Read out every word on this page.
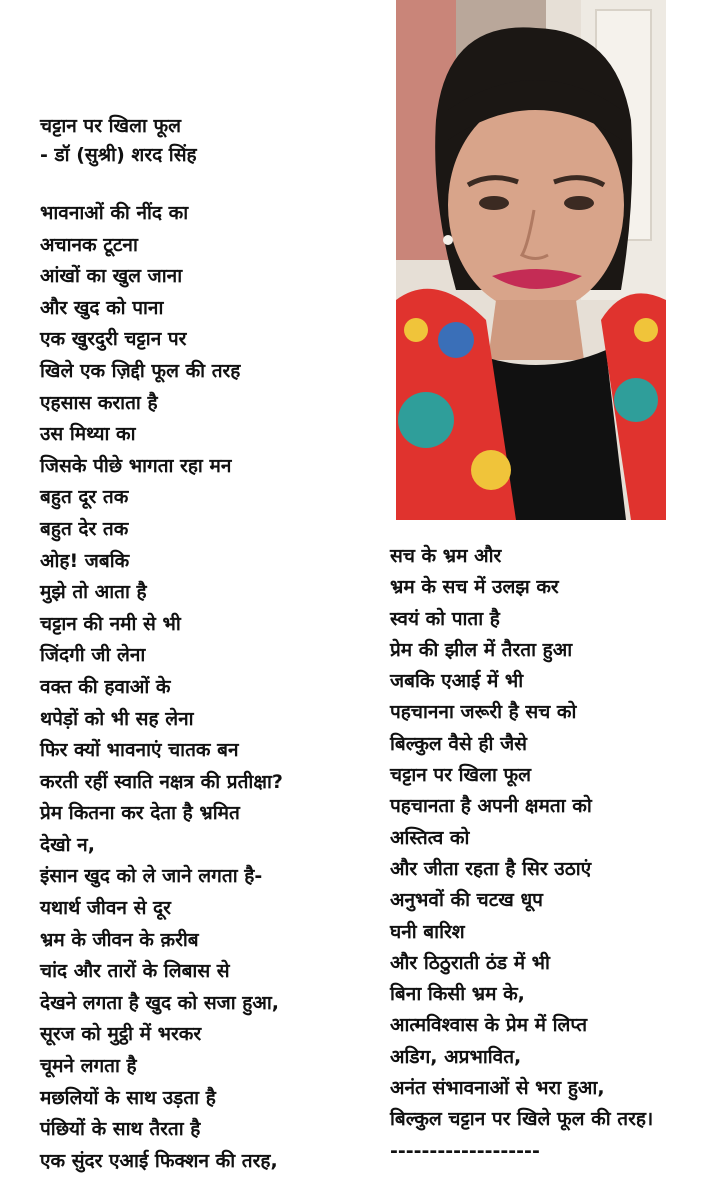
चट्टान पर खिला फूल
- डॉ (सुश्री) शरद सिंह
भावनाओं की नींद का
अचानक टूटना
आंखों का खुल जाना
और खुद को पाना
एक खुरदुरी चट्टान पर
खिले एक ज़िद्दी फूल की तरह
एहसास कराता है
उस मिथ्या का
जिसके पीछे भागता रहा मन
बहुत दूर तक
बहुत देर तक
ओह! जबकि
मुझे तो आता है
चट्टान की नमी से भी
जिंदगी जी लेना
वक्त की हवाओं के
थपेड़ों को भी सह लेना
फिर क्यों भावनाएं चातक बन
करती रहीं स्वाति नक्षत्र की प्रतीक्षा?
प्रेम कितना कर देता है भ्रमित
देखो न,
इंसान खुद को ले जाने लगता है-
यथार्थ जीवन से दूर
भ्रम के जीवन के क़रीब
चांद और तारों के लिबास से
देखने लगता है खुद को सजा हुआ,
सूरज को मुट्ठी में भरकर
चूमने लगता है
मछलियों के साथ उड़ता है
पंछियों के साथ तैरता है
एक सुंदर एआई फिक्शन की तरह,
सच के भ्रम और
भ्रम के सच में उलझ कर
स्वयं को पाता है
प्रेम की झील में तैरता हुआ
जबकि एआई में भी
पहचानना जरूरी है सच को
बिल्कुल वैसे ही जैसे
चट्टान पर खिला फूल
पहचानता है अपनी क्षमता को
अस्तित्व को
और जीता रहता है सिर उठाएं
अनुभवों की चटख धूप
घनी बारिश
और ठिठुराती ठंड में भी
बिना किसी भ्रम के,
आत्मविश्वास के प्रेम में लिप्त
अडिग, अप्रभावित,
अनंत संभावनाओं से भरा हुआ,
बिल्कुल चट्टान पर खिले फूल की तरह।
-------------------
